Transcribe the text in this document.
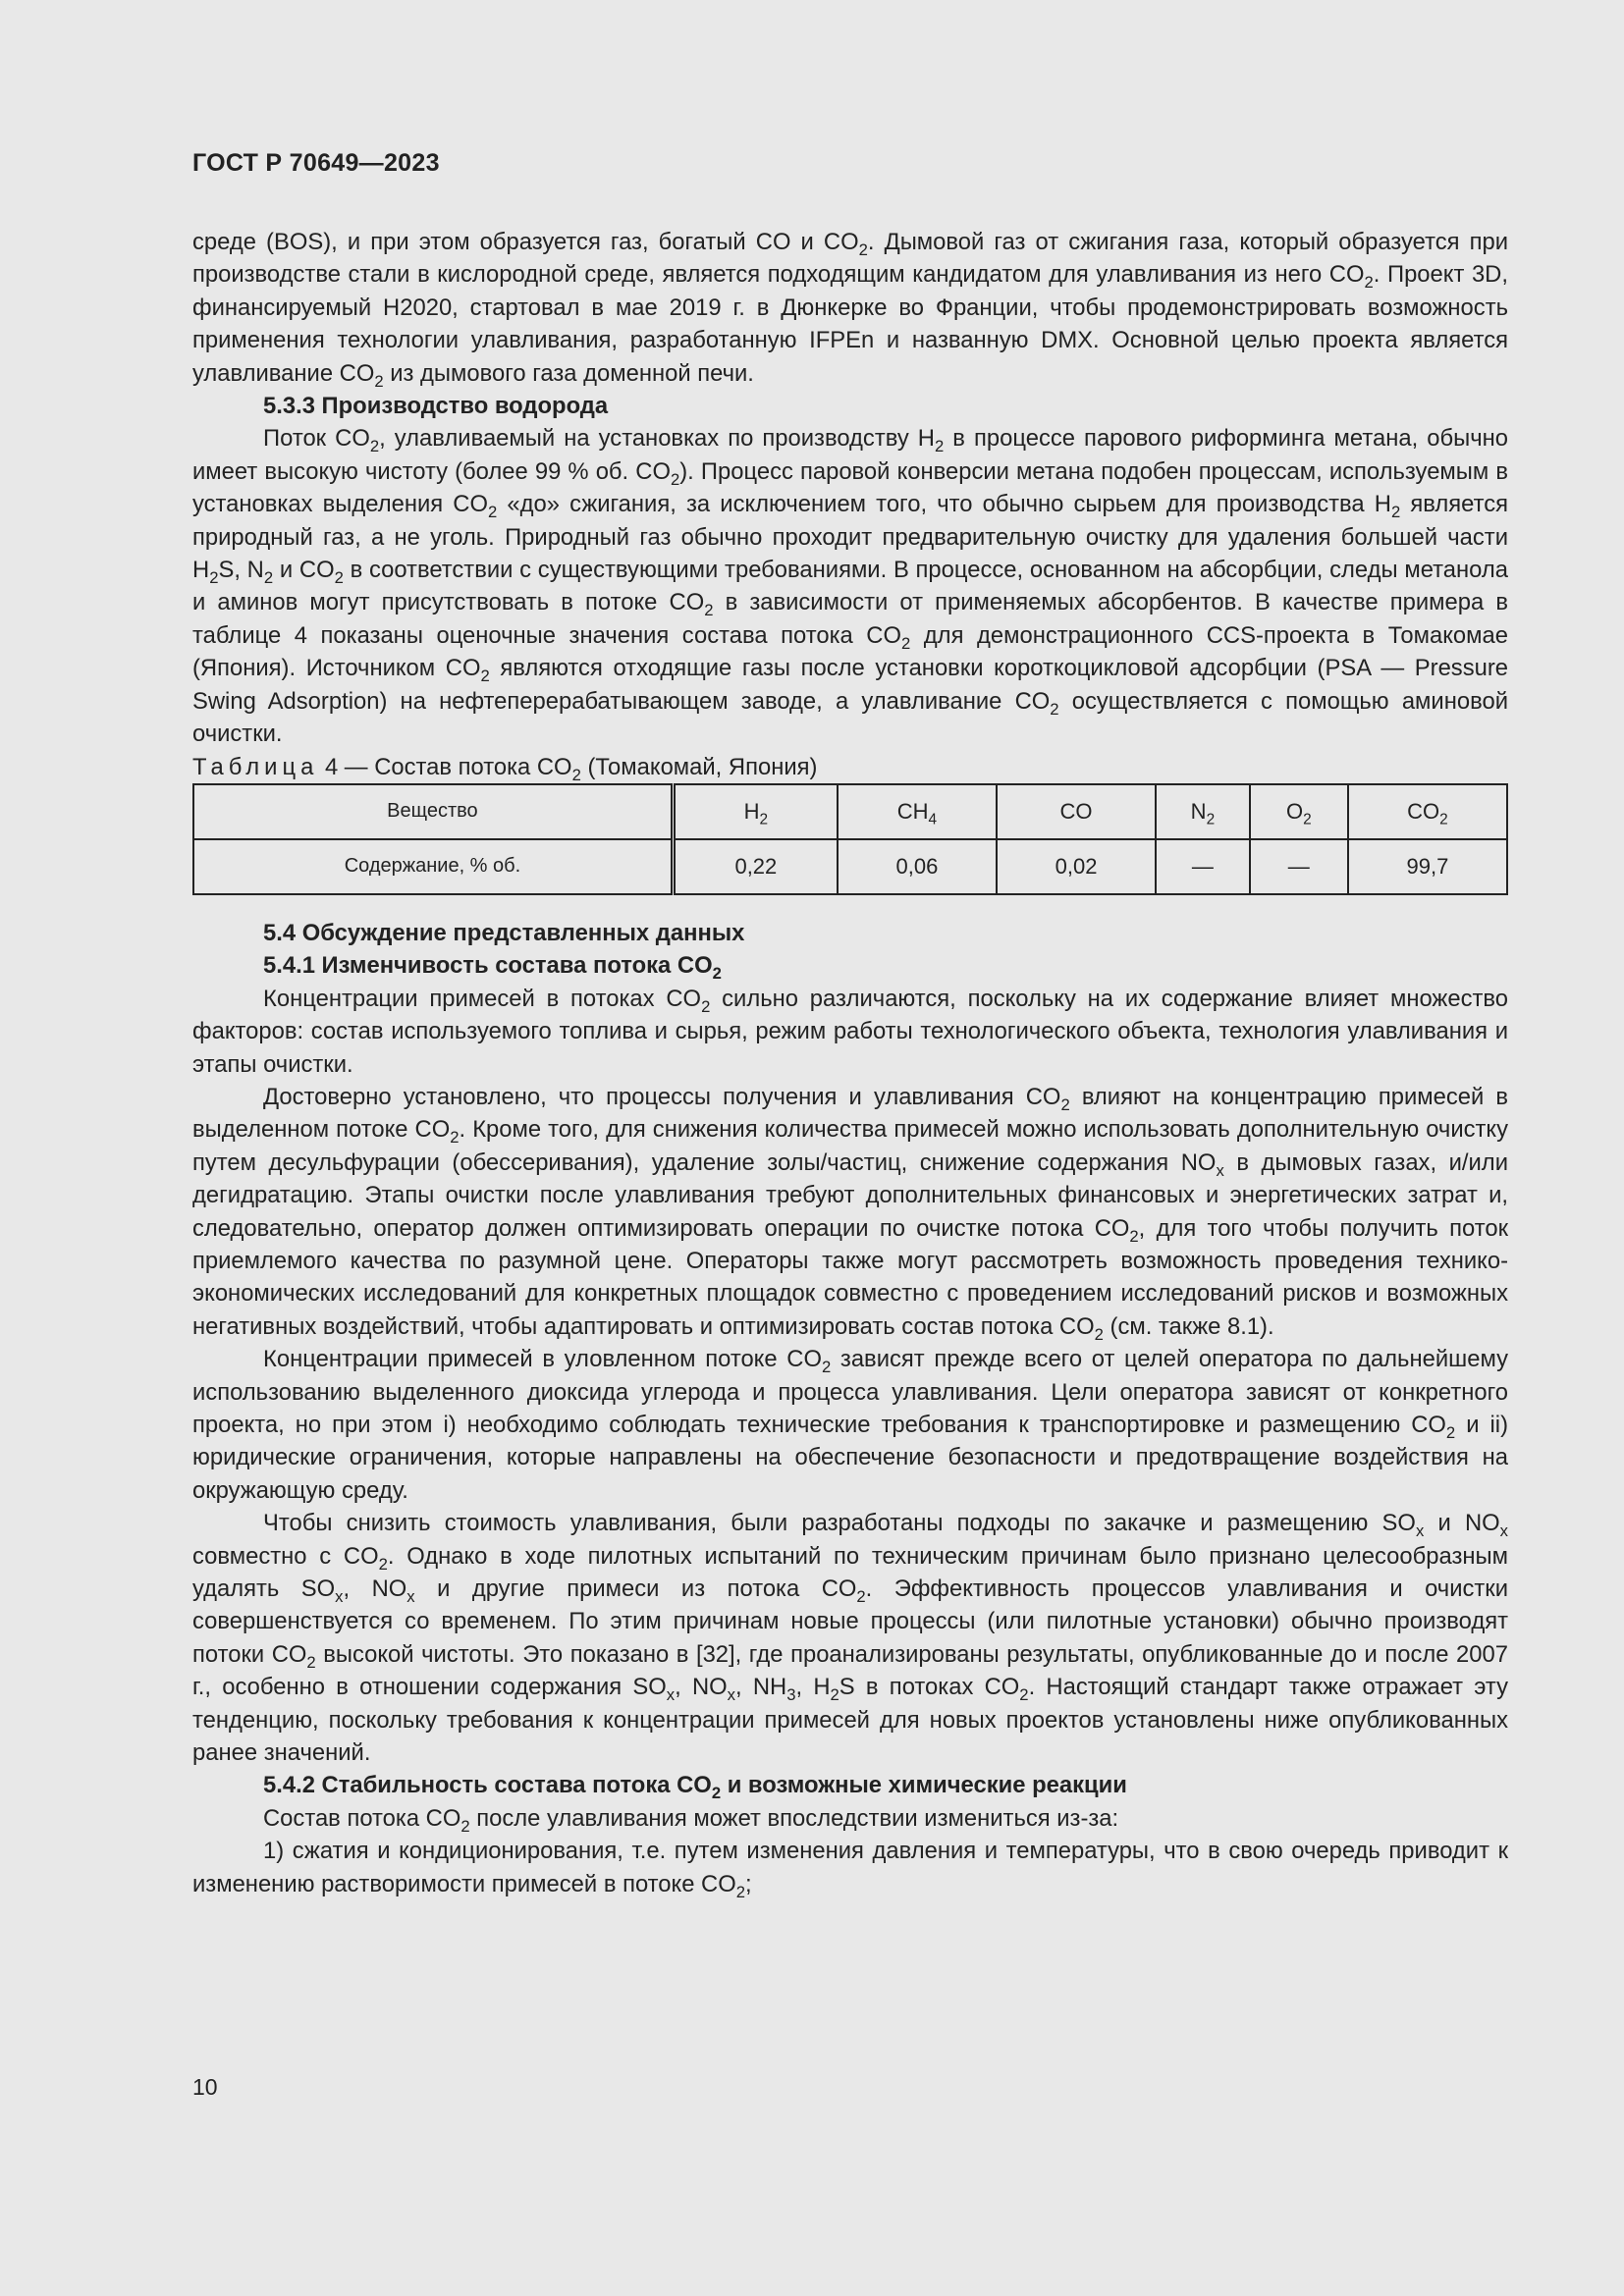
ГОСТ Р 70649—2023

среде (BOS), и при этом образуется газ, богатый CO и $CO_2$. Дымовой газ от сжигания газа, который образуется при производстве стали в кислородной среде, является подходящим кандидатом для улавливания из него $CO_2$. Проект 3D, финансируемый H2020, стартовал в мае 2019 г. в Дюнкерке во Франции, чтобы продемонстрировать возможность применения технологии улавливания, разработанную IFPEn и названную DMX. Основной целью проекта является улавливание $CO_2$ из дымового газа доменной печи.

5.3.3 Производство водорода

Поток $CO_2$, улавливаемый на установках по производству $H_2$ в процессе парового риформинга метана, обычно имеет высокую чистоту (более 99 % об. $CO_2$). Процесс паровой конверсии метана подобен процессам, используемым в установках выделения $CO_2$ «до» сжигания, за исключением того, что обычно сырьем для производства $H_2$ является природный газ, а не уголь. Природный газ обычно проходит предварительную очистку для удаления большей части $H_2S$, $N_2$ и $CO_2$ в соответствии с существующими требованиями. В процессе, основанном на абсорбции, следы метанола и аминов могут присутствовать в потоке $CO_2$ в зависимости от применяемых абсорбентов. В качестве примера в таблице 4 показаны оценочные значения состава потока $CO_2$ для демонстрационного CCS-проекта в Томакомае (Япония). Источником $CO_2$ являются отходящие газы после установки короткоцикловой адсорбции (PSA — Pressure Swing Adsorption) на нефтеперерабатывающем заводе, а улавливание $CO_2$ осуществляется с помощью аминовой очистки.

Таблица 4 — Состав потока $CO_2$ (Томакомай, Япония)

Вещество	$H_2$	$CH_4$	CO	$N_2$	$O_2$	$CO_2$
Содержание, % об.	0,22	0,06	0,02	—	—	99,7

5.4 Обсуждение представленных данных

5.4.1 Изменчивость состава потока $CO_2$

Концентрации примесей в потоках $CO_2$ сильно различаются, поскольку на их содержание влияет множество факторов: состав используемого топлива и сырья, режим работы технологического объекта, технология улавливания и этапы очистки.

Достоверно установлено, что процессы получения и улавливания $CO_2$ влияют на концентрацию примесей в выделенном потоке $CO_2$. Кроме того, для снижения количества примесей можно использовать дополнительную очистку путем десульфурации (обессеривания), удаление золы/частиц, снижение содержания $NO_x$ в дымовых газах, и/или дегидратацию. Этапы очистки после улавливания требуют дополнительных финансовых и энергетических затрат и, следовательно, оператор должен оптимизировать операции по очистке потока $CO_2$, для того чтобы получить поток приемлемого качества по разумной цене. Операторы также могут рассмотреть возможность проведения технико-экономических исследований для конкретных площадок совместно с проведением исследований рисков и возможных негативных воздействий, чтобы адаптировать и оптимизировать состав потока $CO_2$ (см. также 8.1).

Концентрации примесей в уловленном потоке $CO_2$ зависят прежде всего от целей оператора по дальнейшему использованию выделенного диоксида углерода и процесса улавливания. Цели оператора зависят от конкретного проекта, но при этом i) необходимо соблюдать технические требования к транспортировке и размещению $CO_2$ и ii) юридические ограничения, которые направлены на обеспечение безопасности и предотвращение воздействия на окружающую среду.

Чтобы снизить стоимость улавливания, были разработаны подходы по закачке и размещению $SO_x$ и $NO_x$ совместно с $CO_2$. Однако в ходе пилотных испытаний по техническим причинам было признано целесообразным удалять $SO_x$, $NO_x$ и другие примеси из потока $CO_2$. Эффективность процессов улавливания и очистки совершенствуется со временем. По этим причинам новые процессы (или пилотные установки) обычно производят потоки $CO_2$ высокой чистоты. Это показано в [32], где проанализированы результаты, опубликованные до и после 2007 г., особенно в отношении содержания $SO_x$, $NO_x$, $NH_3$, $H_2S$ в потоках $CO_2$. Настоящий стандарт также отражает эту тенденцию, поскольку требования к концентрации примесей для новых проектов установлены ниже опубликованных ранее значений.

5.4.2 Стабильность состава потока $CO_2$ и возможные химические реакции

Состав потока $CO_2$ после улавливания может впоследствии измениться из-за:

1) сжатия и кондиционирования, т.е. путем изменения давления и температуры, что в свою очередь приводит к изменению растворимости примесей в потоке $CO_2$;

10
